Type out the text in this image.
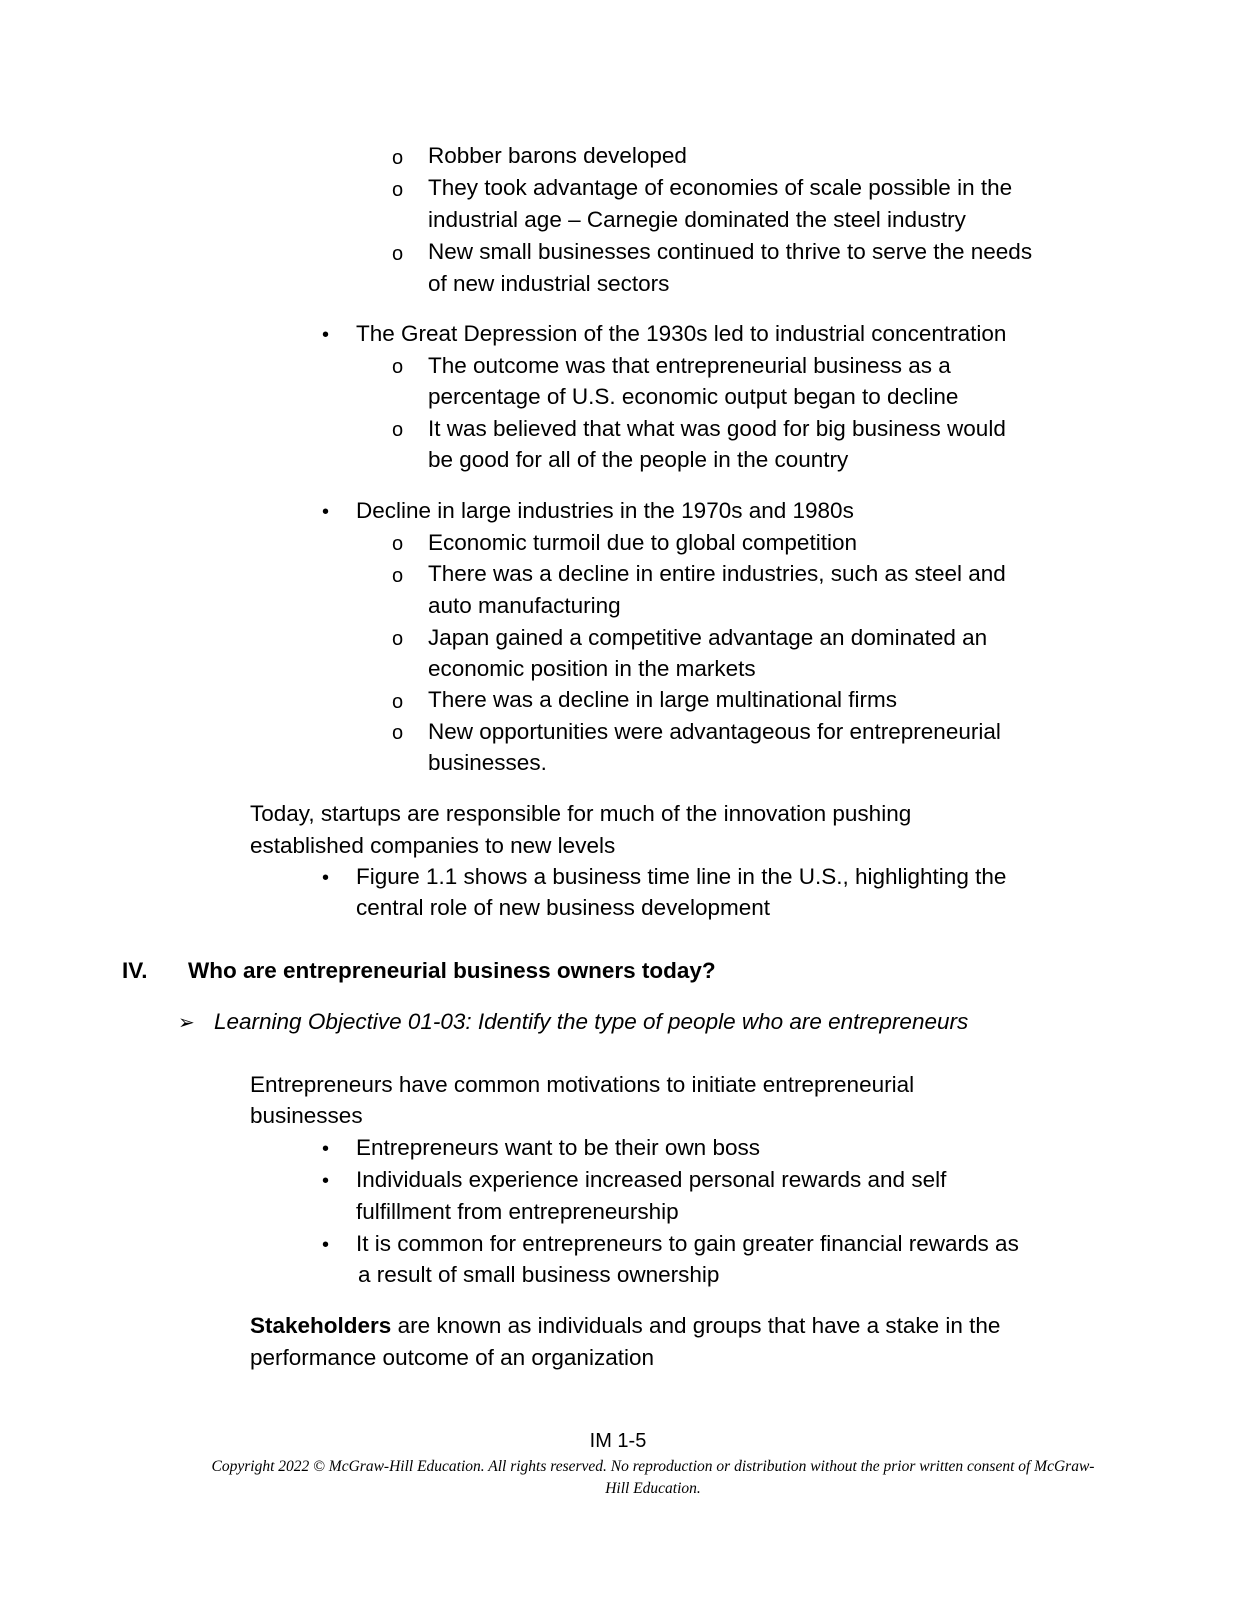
o Robber barons developed
o They took advantage of economies of scale possible in the
industrial age – Carnegie dominated the steel industry
o New small businesses continued to thrive to serve the needs
of new industrial sectors
• The Great Depression of the 1930s led to industrial concentration
o The outcome was that entrepreneurial business as a
percentage of U.S. economic output began to decline
o It was believed that what was good for big business would
be good for all of the people in the country
• Decline in large industries in the 1970s and 1980s
o Economic turmoil due to global competition
o There was a decline in entire industries, such as steel and
auto manufacturing
o Japan gained a competitive advantage an dominated an
economic position in the markets
o There was a decline in large multinational firms
o New opportunities were advantageous for entrepreneurial
businesses.
Today, startups are responsible for much of the innovation pushing
established companies to new levels
• Figure 1.1 shows a business time line in the U.S., highlighting the
central role of new business development
IV. Who are entrepreneurial business owners today?
➢ Learning Objective 01-03: Identify the type of people who are entrepreneurs
Entrepreneurs have common motivations to initiate entrepreneurial
businesses
• Entrepreneurs want to be their own boss
• Individuals experience increased personal rewards and self
fulfillment from entrepreneurship
• It is common for entrepreneurs to gain greater financial rewards as
a result of small business ownership
Stakeholders are known as individuals and groups that have a stake in the
performance outcome of an organization
IM 1-5
Copyright 2022 © McGraw-Hill Education. All rights reserved. No reproduction or distribution without the prior written consent of McGraw-Hill Education.
